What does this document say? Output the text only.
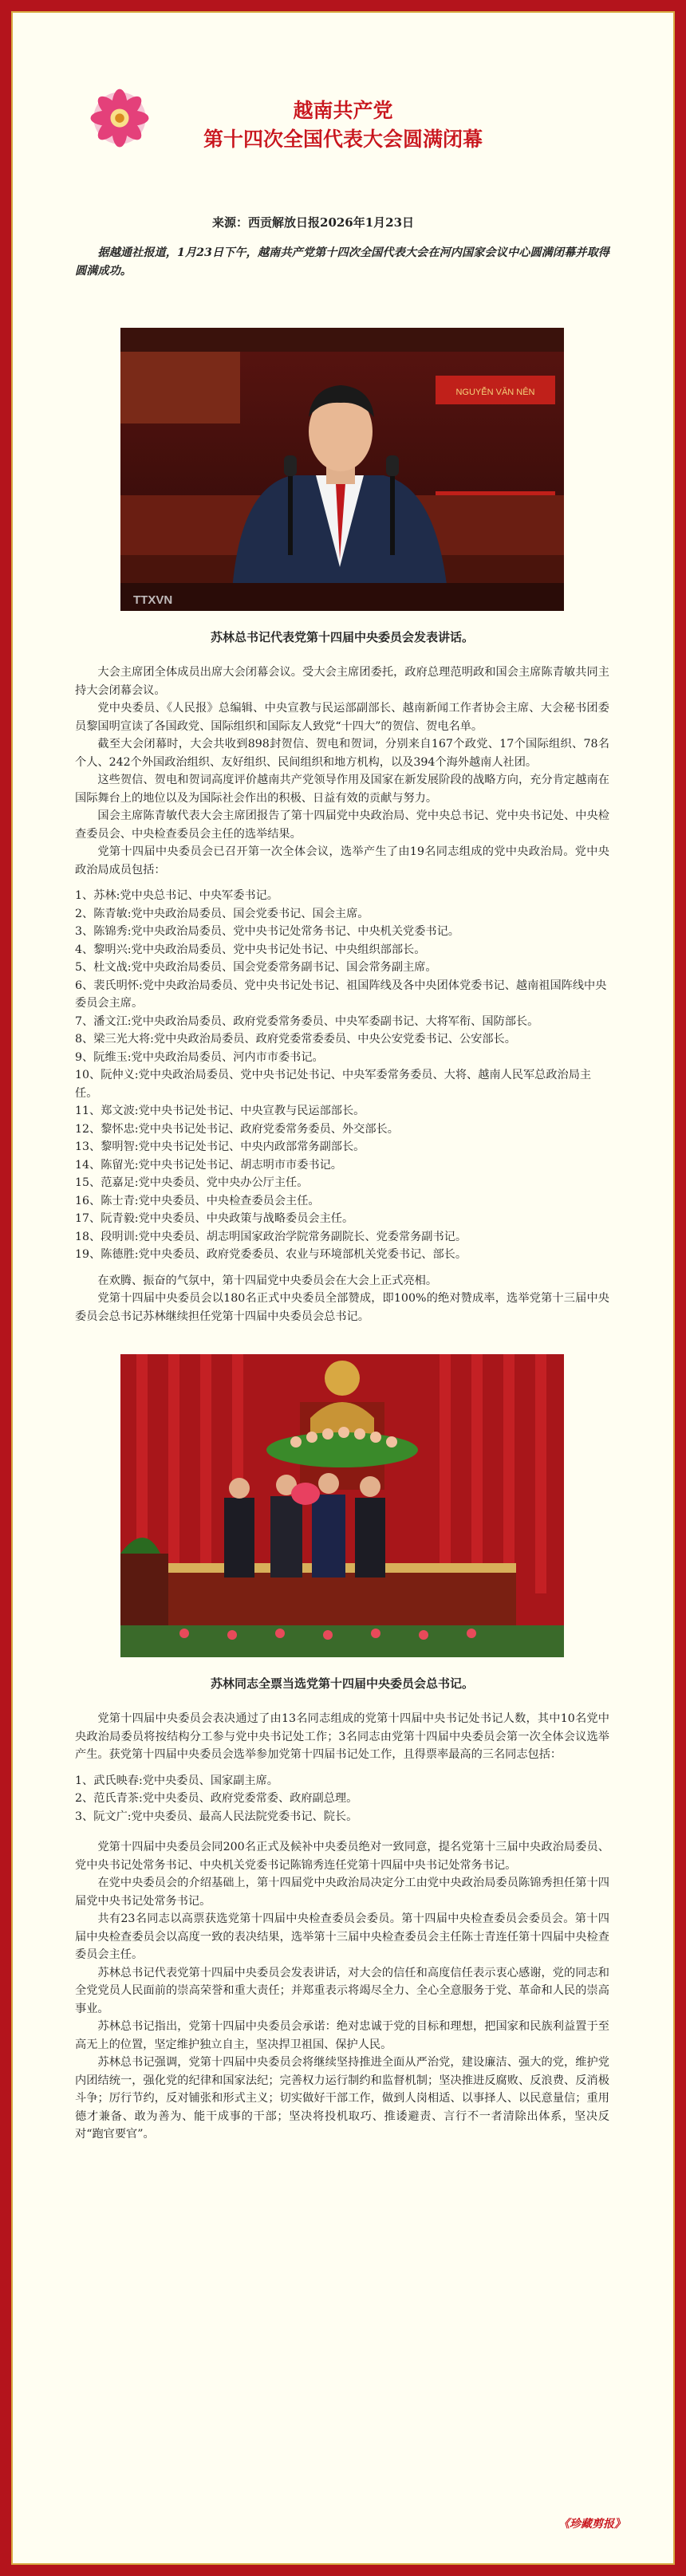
越南共产党
第十四次全国代表大会圆满闭幕
来源：西贡解放日报2026年1月23日

据越通社报道，1月23日下午，越南共产党第十四次全国代表大会在河内国家会议中心圆满闭幕并取得圆满成功。

NGUYỄN VĂN NÊN
TTXVN
苏林总书记代表党第十四届中央委员会发表讲话。

大会主席团全体成员出席大会闭幕会议。受大会主席团委托，政府总理范明政和国会主席陈青敏共同主持大会闭幕会议。

党中央委员、《人民报》总编辑、中央宣教与民运部副部长、越南新闻工作者协会主席、大会秘书团委员黎国明宣读了各国政党、国际组织和国际友人致党“十四大”的贺信、贺电名单。

截至大会闭幕时，大会共收到898封贺信、贺电和贺词，分别来自167个政党、17个国际组织、78名个人、242个外国政治组织、友好组织、民间组织和地方机构，以及394个海外越南人社团。

这些贺信、贺电和贺词高度评价越南共产党领导作用及国家在新发展阶段的战略方向，充分肯定越南在国际舞台上的地位以及为国际社会作出的积极、日益有效的贡献与努力。

国会主席陈青敏代表大会主席团报告了第十四届党中央政治局、党中央总书记、党中央书记处、中央检查委员会、中央检查委员会主任的选举结果。

党第十四届中央委员会已召开第一次全体会议，选举产生了由19名同志组成的党中央政治局。党中央政治局成员包括：

1、苏林:党中央总书记、中央军委书记。
2、陈青敏:党中央政治局委员、国会党委书记、国会主席。
3、陈锦秀:党中央政治局委员、党中央书记处常务书记、中央机关党委书记。
4、黎明兴:党中央政治局委员、党中央书记处书记、中央组织部部长。
5、杜文战:党中央政治局委员、国会党委常务副书记、国会常务副主席。
6、裴氏明怀:党中央政治局委员、党中央书记处书记、祖国阵线及各中央团体党委书记、越南祖国阵线中央委员会主席。
7、潘文江:党中央政治局委员、政府党委常务委员、中央军委副书记、大将军衔、国防部长。
8、梁三光大将:党中央政治局委员、政府党委常委委员、中央公安党委书记、公安部长。
9、阮维玉:党中央政治局委员、河内市市委书记。
10、阮仲义:党中央政治局委员、党中央书记处书记、中央军委常务委员、大将、越南人民军总政治局主任。
11、郑文波:党中央书记处书记、中央宣教与民运部部长。
12、黎怀忠:党中央书记处书记、政府党委常务委员、外交部长。
13、黎明智:党中央书记处书记、中央内政部常务副部长。
14、陈留光:党中央书记处书记、胡志明市市委书记。
15、范嘉足:党中央委员、党中央办公厅主任。
16、陈士青:党中央委员、中央检查委员会主任。
17、阮青毅:党中央委员、中央政策与战略委员会主任。
18、段明训:党中央委员、胡志明国家政治学院常务副院长、党委常务副书记。
19、陈德胜:党中央委员、政府党委委员、农业与环境部机关党委书记、部长。

在欢腾、振奋的气氛中，第十四届党中央委员会在大会上正式亮相。

党第十四届中央委员会以180名正式中央委员全部赞成，即100%的绝对赞成率，选举党第十三届中央委员会总书记苏林继续担任党第十四届中央委员会总书记。

苏林同志全票当选党第十四届中央委员会总书记。

党第十四届中央委员会表决通过了由13名同志组成的党第十四届中央书记处书记人数，其中10名党中央政治局委员将按结构分工参与党中央书记处工作；3名同志由党第十四届中央委员会第一次全体会议选举产生。获党第十四届中央委员会选举参加党第十四届书记处工作，且得票率最高的三名同志包括：

1、武氏映春:党中央委员、国家副主席。
2、范氏青茶:党中央委员、政府党委常委、政府副总理。
3、阮文广:党中央委员、最高人民法院党委书记、院长。

党第十四届中央委员会同200名正式及候补中央委员绝对一致同意，提名党第十三届中央政治局委员、党中央书记处常务书记、中央机关党委书记陈锦秀连任党第十四届中央书记处常务书记。

在党中央委员会的介绍基础上，第十四届党中央政治局决定分工由党中央政治局委员陈锦秀担任第十四届党中央书记处常务书记。

共有23名同志以高票获选党第十四届中央检查委员会委员。第十四届中央检查委员会委员会。第十四届中央检查委员会以高度一致的表决结果，选举第十三届中央检查委员会主任陈士青连任第十四届中央检查委员会主任。

苏林总书记代表党第十四届中央委员会发表讲话，对大会的信任和高度信任表示衷心感谢，党的同志和全党党员人民面前的崇高荣誉和重大责任；并郑重表示将竭尽全力、全心全意服务于党、革命和人民的崇高事业。

苏林总书记指出，党第十四届中央委员会承诺：绝对忠诚于党的目标和理想，把国家和民族利益置于至高无上的位置，坚定维护独立自主，坚决捍卫祖国、保护人民。

苏林总书记强调，党第十四届中央委员会将继续坚持推进全面从严治党，建设廉洁、强大的党，维护党内团结统一，强化党的纪律和国家法纪；完善权力运行制约和监督机制；坚决推进反腐败、反浪费、反消极斗争；厉行节约，反对铺张和形式主义；切实做好干部工作，做到人岗相适、以事择人、以民意量信；重用德才兼备、敢为善为、能干成事的干部；坚决将投机取巧、推诿避责、言行不一者清除出体系，坚决反对“跑官要官”。

《珍藏剪报》
